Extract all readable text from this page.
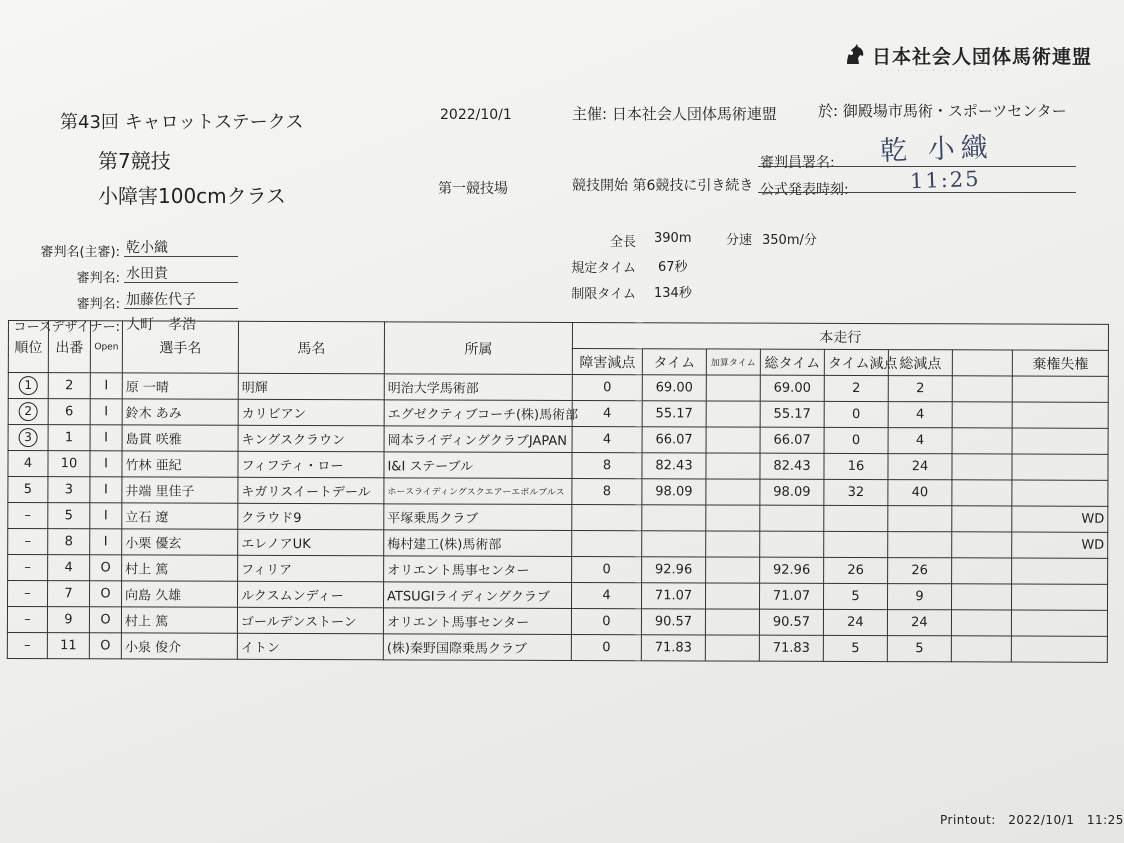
日本社会人団体馬術連盟
· · · · · · · · · · · · · · · · · · · · · ·
第43回 キャロットステークス	2022/10/1	主催: 日本社会人団体馬術連盟	於: 御殿場市馬術・スポーツセンター
第7競技
小障害100cmクラス	第一競技場	競技開始 第6競技に引き続き
審判員署名: 乾 小織
公式発表時刻:	11:25
審判名(主審): 乾小織
審判名: 水田貴
審判名: 加藤佐代子
コースデザイナー: 大町　孝浩
全長 390m	分速 350m/分
規定タイム 67秒
制限タイム 134秒
順位	出番	Open	選手名	馬名	所属	本走行							
						障害減点	タイム	加算タイム	総タイム	タイム減点	総減点		棄権失権
1	2	I	原 一晴	明輝	明治大学馬術部	0	69.00		69.00	2	2		
2	6	I	鈴木 あみ	カリビアン	エグゼクティブコーチ(株)馬術部	4	55.17		55.17	0	4		
3	1	I	島貫 咲雅	キングスクラウン	岡本ライディングクラブJAPAN	4	66.07		66.07	0	4		
4	10	I	竹林 亜紀	フィフティ・ロー	I&I ステーブル	8	82.43		82.43	16	24		
5	3	I	井端 里佳子	キガリスイートデール	ホースライディングスクエアーエボルブルス	8	98.09		98.09	32	40		
–	5	I	立石 遼	クラウド9	平塚乗馬クラブ								WD
–	8	I	小栗 優玄	エレノアUK	梅村建工(株)馬術部								WD
–	4	O	村上 篤	フィリア	オリエント馬事センター	0	92.96		92.96	26	26		
–	7	O	向島 久雄	ルクスムンディー	ATSUGIライディングクラブ	4	71.07		71.07	5	9		
–	9	O	村上 篤	ゴールデンストーン	オリエント馬事センター	0	90.57		90.57	24	24		
–	11	O	小泉 俊介	イトン	(株)秦野国際乗馬クラブ	0	71.83		71.83	5	5		
Printout:　2022/10/1　11:25
